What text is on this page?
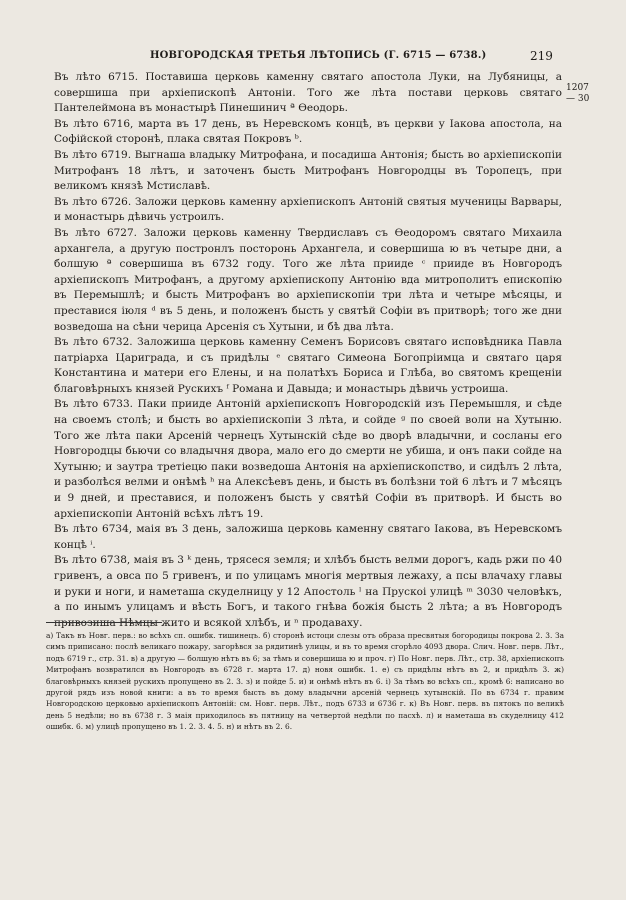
НОВГОРОДСКАЯ ТРЕТЬЯ ЛѢТОПИСЬ (Г. 6715 — 6738.)	219
1207
— 30

Въ лѣто 6715. Поставиша церковь каменну святаго апостола Луки, на Лубяницы, а совершиша при архіепископѣ Антоніи. Того же лѣта постави церковь святаго Пантелеймона въ монастырѣ Пинешинич ª Ѳеодорь.

Въ лѣто 6716, марта въ 17 день, въ Неревскомъ концѣ, въ церкви у Іакова апостола, на Софійской сторонѣ, плака святая Покровъ ᵇ.

Въ лѣто 6719. Выгнаша владыку Митрофана, и посадиша Антонія; бысть во архіепископіи Митрофанъ 18 лѣтъ, и заточенъ бысть Митрофанъ Новгородцы въ Торопецъ, при великомъ князѣ Мстиславѣ.

Въ лѣто 6726. Заложи церковь каменну архіепископъ Антоній святыя мученицы Варвары, и монастырь дѣвичь устроилъ.

Въ лѣто 6727. Заложи церковь каменну Твердиславъ съ Ѳеодоромъ святаго Михаила архангела, а другую постронлъ посторонь Архангела, и совершиша ю въ четыре дни, а болшую ª совершиша въ 6732 году. Того же лѣта прииде ᶜ прииде въ Новгородъ архіепископъ Митрофанъ, а другому архіепископу Антонію вда митрополитъ епископію въ Перемышлѣ; и бысть Митрофанъ во архіепископіи три лѣта и четыре мѣсяцы, и преставися іюля ᵈ въ 5 день, и положенъ бысть у святѣй Софіи въ притворѣ; того же дни возведоша на сѣни черица Арсенія съ Хутыни, и бѣ два лѣта.

Въ лѣто 6732. Заложиша церковь каменну Семенъ Борисовъ святаго исповѣдника Павла патріарха Цариграда, и съ придѣлы ᵉ святаго Симеона Богопріимца и святаго царя Константина и матери его Елены, и на полатѣхъ Бориса и Глѣба, во святомъ крещеніи благовѣрныхъ князей Рускихъ ᶠ Романа и Давыда; и монастырь дѣвичь устроиша.

Въ лѣто 6733. Паки прииде Антоній архіепископъ Новгородскій изъ Перемышля, и сѣде на своемъ столѣ; и бысть во архіепископіи 3 лѣта, и сойде ᵍ по своей воли на Хутыню. Того же лѣта паки Арсеній чернецъ Хутынскій сѣде во дворѣ владычни, и сосланы его Новгородцы бьючи со владычня двора, мало его до смерти не убиша, и онъ паки сойде на Хутыню; и заутра третіецю паки возведоша Антонія на архіепископство, и сидѣлъ 2 лѣта, и разболѣся велми и онѣмѣ ʰ на Алексѣевъ день, и бысть въ болѣзни той 6 лѣтъ и 7 мѣсяцъ и 9 дней, и преставися, и положенъ бысть у святѣй Софіи въ притворѣ. И бысть во архіепископіи Антоній всѣхъ лѣтъ 19.

Въ лѣто 6734, маія въ 3 день, заложиша церковь каменну святаго Іакова, въ Неревскомъ концѣ ⁱ.

Въ лѣто 6738, маія въ 3 ᵏ день, трясеся земля; и хлѣбъ бысть велми дорогъ, кадь ржи по 40 гривенъ, а овса по 5 гривенъ, и по улицамъ многія мертвыя лежаху, а псы влачаху главы и руки и ноги, и наметаша скуделницу у 12 Апостоль ˡ на Прускоі улицѣ ᵐ 3030 человѣкъ, а по инымъ улицамъ и вѣсть Богъ, и такого гнѣва божія бысть 2 лѣта; а въ Новгородъ привозиша Нѣмцы жито и всякой хлѣбъ, и ⁿ продаваху.

а) Такъ въ Новг. перв.: во всѣхъ сп. ошибк. тишинецъ. б) сторонѣ истоци слезы отъ образа пресвятыя богородицы покрова 2. 3. За симъ приписано: послѣ великаго пожару, загорѣвся за рядитинѣ улицы, и въ то время сгорѣло 4093 двора. Слич. Новг. перв. Лѣт., подъ 6719 г., стр. 31. в) а другую — болшую нѣтъ въ 6; за тѣмъ и совершиша ю и проч. г) По Новг. перв. Лѣт., стр. 38, архіепископъ Митрофанъ возвратился въ Новгородъ въ 6728 г. марта 17. д) новя ошибк. 1. е) съ придѣлы нѣтъ въ 2, и придѣлъ 3. ж) благовѣрныхъ князей рускихъ пропущено въ 2. 3. з) и пойде 5. и) и онѣмѣ нѣтъ въ 6. і) За тѣмъ во всѣхъ сп., кромѣ 6: написано во другой рядъ изъ новой книги: а въ то время бысть въ дому владычни арсеній чернецъ хутынскій. По въ 6734 г. правим Новгородскою церковью архіепископъ Антоній: см. Новг. перв. Лѣт., подъ 6733 и 6736 г. к) Въ Новг. перв. въ пятокъ по великѣ день 5 недѣли; но въ 6738 г. 3 маія приходилось въ пятницу на четвертой недѣли по пасхѣ. л) и наметаша въ скуделницу 412 ошибк. 6. м) улицѣ пропущено въ 1. 2. 3. 4. 5. н) и нѣтъ въ 2. 6.
